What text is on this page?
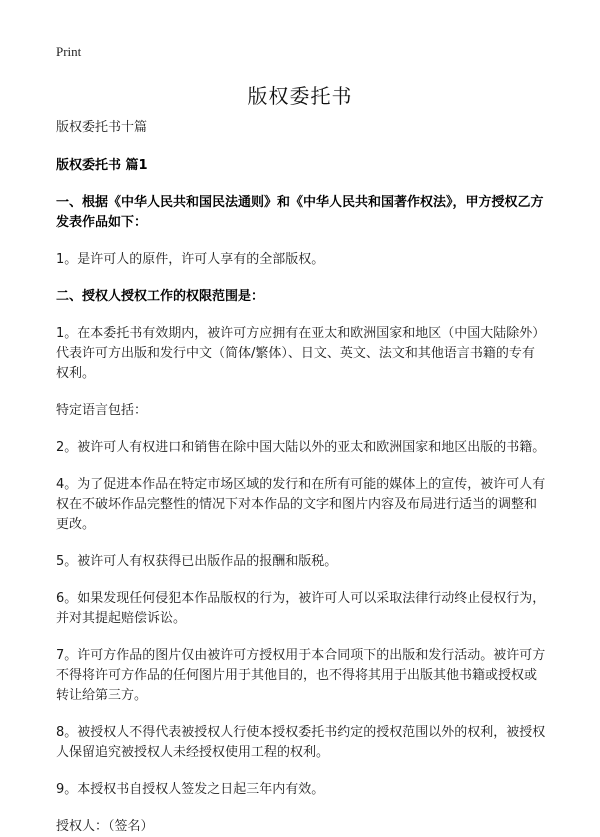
Print
版权委托书

版权委托书十篇

版权委托书 篇1

一、根据《中华人民共和国民法通则》和《中华人民共和国著作权法》，甲方授权乙方发表作品如下：

1。是许可人的原件，许可人享有的全部版权。

二、授权人授权工作的权限范围是：

1。在本委托书有效期内，被许可方应拥有在亚太和欧洲国家和地区（中国大陆除外）代表许可方出版和发行中文（简体/繁体）、日文、英文、法文和其他语言书籍的专有权利。

特定语言包括：

2。被许可人有权进口和销售在除中国大陆以外的亚太和欧洲国家和地区出版的书籍。

4。为了促进本作品在特定市场区域的发行和在所有可能的媒体上的宣传，被许可人有权在不破坏作品完整性的情况下对本作品的文字和图片内容及布局进行适当的调整和更改。

5。被许可人有权获得已出版作品的报酬和版税。

6。如果发现任何侵犯本作品版权的行为，被许可人可以采取法律行动终止侵权行为，并对其提起赔偿诉讼。

7。许可方作品的图片仅由被许可方授权用于本合同项下的出版和发行活动。被许可方不得将许可方作品的任何图片用于其他目的，也不得将其用于出版其他书籍或授权或转让给第三方。

8。被授权人不得代表被授权人行使本授权委托书约定的授权范围以外的权利，被授权人保留追究被授权人未经授权使用工程的权利。

9。本授权书自授权人签发之日起三年内有效。

授权人：（签名）
